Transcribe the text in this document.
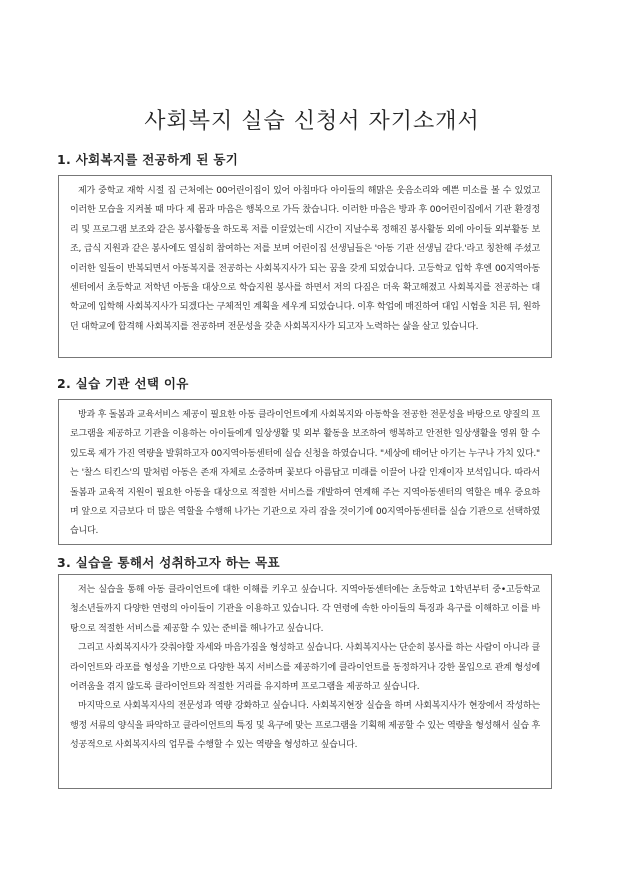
사회복지 실습 신청서 자기소개서
1. 사회복지를 전공하게 된 동기

제가 중학교 재학 시절 집 근처에는 00어린이집이 있어 아침마다 아이들의 해맑은 웃음소리와 예쁜 미소를 볼 수 있었고 이러한 모습을 지켜볼 때 마다 제 몸과 마음은 행복으로 가득 찼습니다. 이러한 마음은 방과 후 00어린이집에서 기관 환경정리 및 프로그램 보조와 같은 봉사활동을 하도록 저를 이끌었는데 시간이 지날수록 정해진 봉사활동 외에 아이들 외부활동 보조, 급식 지원과 같은 봉사에도 열심히 참여하는 저를 보며 어린이집 선생님들은 '아동 기관 선생님 같다.'라고 칭찬해 주셨고 이러한 일들이 반복되면서 아동복지를 전공하는 사회복지사가 되는 꿈을 갖게 되었습니다. 고등학교 입학 후엔 00지역아동센터에서 초등학교 저학년 아동을 대상으로 학습지원 봉사를 하면서 저의 다짐은 더욱 확고해졌고 사회복지를 전공하는 대학교에 입학해 사회복지사가 되겠다는 구체적인 계획을 세우게 되었습니다. 이후 학업에 매진하여 대입 시험을 치른 뒤, 원하던 대학교에 합격해 사회복지를 전공하며 전문성을 갖춘 사회복지사가 되고자 노력하는 삶을 살고 있습니다.

2. 실습 기관 선택 이유

방과 후 돌봄과 교육서비스 제공이 필요한 아동 클라이언트에게 사회복지와 아동학을 전공한 전문성을 바탕으로 양질의 프로그램을 제공하고 기관을 이용하는 아이들에게 일상생활 및 외부 활동을 보조하여 행복하고 안전한 일상생활을 영위 할 수 있도록 제가 가진 역량을 발휘하고자 00지역아동센터에 실습 신청을 하였습니다. "세상에 태어난 아기는 누구나 가치 있다." 는 '찰스 티킨스'의 말처럼 아동은 존재 자체로 소중하며 꽃보다 아름답고 미래를 이끌어 나갈 인재이자 보석입니다. 따라서 돌봄과 교육적 지원이 필요한 아동을 대상으로 적절한 서비스를 개발하여 연계해 주는 지역아동센터의 역할은 매우 중요하며 앞으로 지금보다 더 많은 역할을 수행해 나가는 기관으로 자리 잡을 것이기에 00지역아동센터를 실습 기관으로 선택하였습니다.

3. 실습을 통해서 성취하고자 하는 목표

저는 실습을 통해 아동 클라이언트에 대한 이해를 키우고 싶습니다. 지역아동센터에는 초등학교 1학년부터 중•고등학교 청소년들까지 다양한 연령의 아이들이 기관을 이용하고 있습니다. 각 연령에 속한 아이들의 특징과 욕구를 이해하고 이를 바탕으로 적절한 서비스를 제공할 수 있는 준비를 해나가고 싶습니다.

그리고 사회복지사가 갖춰야할 자세와 마음가짐을 형성하고 싶습니다. 사회복지사는 단순히 봉사를 하는 사람이 아니라 클라이언트와 라포를 형성을 기반으로 다양한 복지 서비스를 제공하기에 클라이언트를 동정하거나 강한 몰입으로 관계 형성에 어려움을 겪지 않도록 클라이언트와 적절한 거리를 유지하며 프로그램을 제공하고 싶습니다.

마지막으로 사회복지사의 전문성과 역량 강화하고 싶습니다. 사회복지현장 실습을 하며 사회복지사가 현장에서 작성하는 행정 서류의 양식을 파악하고 클라이언트의 특징 및 욕구에 맞는 프로그램을 기획해 제공할 수 있는 역량을 형성해서 실습 후 성공적으로 사회복지사의 업무를 수행할 수 있는 역량을 형성하고 싶습니다.
